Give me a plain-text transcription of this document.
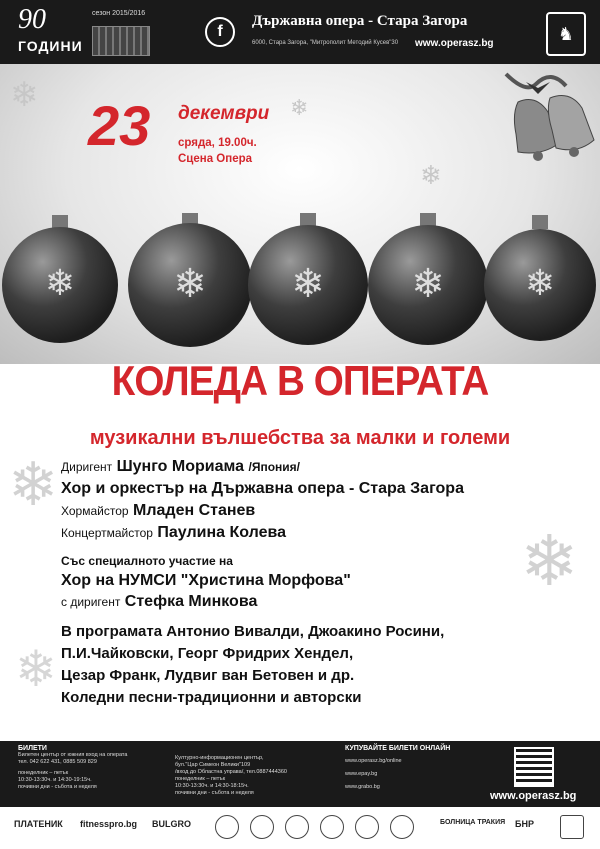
90
ГОДИНИ
сезон 2015/2016
f
Държавна опера - Стара Загора
6000, Стара Загора, "Митрополит Методий Кусев"30 www.operasz.bg	♞
❄	❄
❄
❄
❄
❄
23 декември
сряда, 19.00ч.
Сцена Опера
❄ ❄ ❄ ❄ ❄
КОЛЕДА В ОПЕРАТА
музикални вълшебства за малки и големи
Диригент Шунго Мориама /Япония/
Хор и оркестър на Държавна опера - Стара Загора
Хормайстор Младен Станев
Концертмайстор Паулина Колева
Със специалното участие на
Хор на НУМСИ "Христина Морфова"
с диригент Стефка Минкова
В програмата Антонио Вивалди, Джоакино Росини,
П.И.Чайковски, Георг Фридрих Хендел,
Цезар Франк, Лудвиг ван Бетовен и др.
Коледни песни-традиционни и авторски
БИЛЕТИ
Билетен център от южния вход на операта
тел. 042 622 431, 0885 509 829
понеделник – петък
10:30-13:30ч. и 14:30-19:15ч.
почивни дни - събота и неделя
Културно-информационен център,
бул."Цар Симеон Велики"109
/вход до Областна управа/, тел.0887444360
понеделник – петък
10:30-13:30ч. и 14:30-18:15ч.
почивни дни - събота и неделя
КУПУВАЙТЕ БИЛЕТИ ОНЛАЙН
www.operasz.bg/online
www.epay.bg
www.grabo.bg
www.operasz.bg
ПЛАТЕНИК fitnesspro.bg BULGRO	БОЛНИЦА ТРАКИЯ БНР
